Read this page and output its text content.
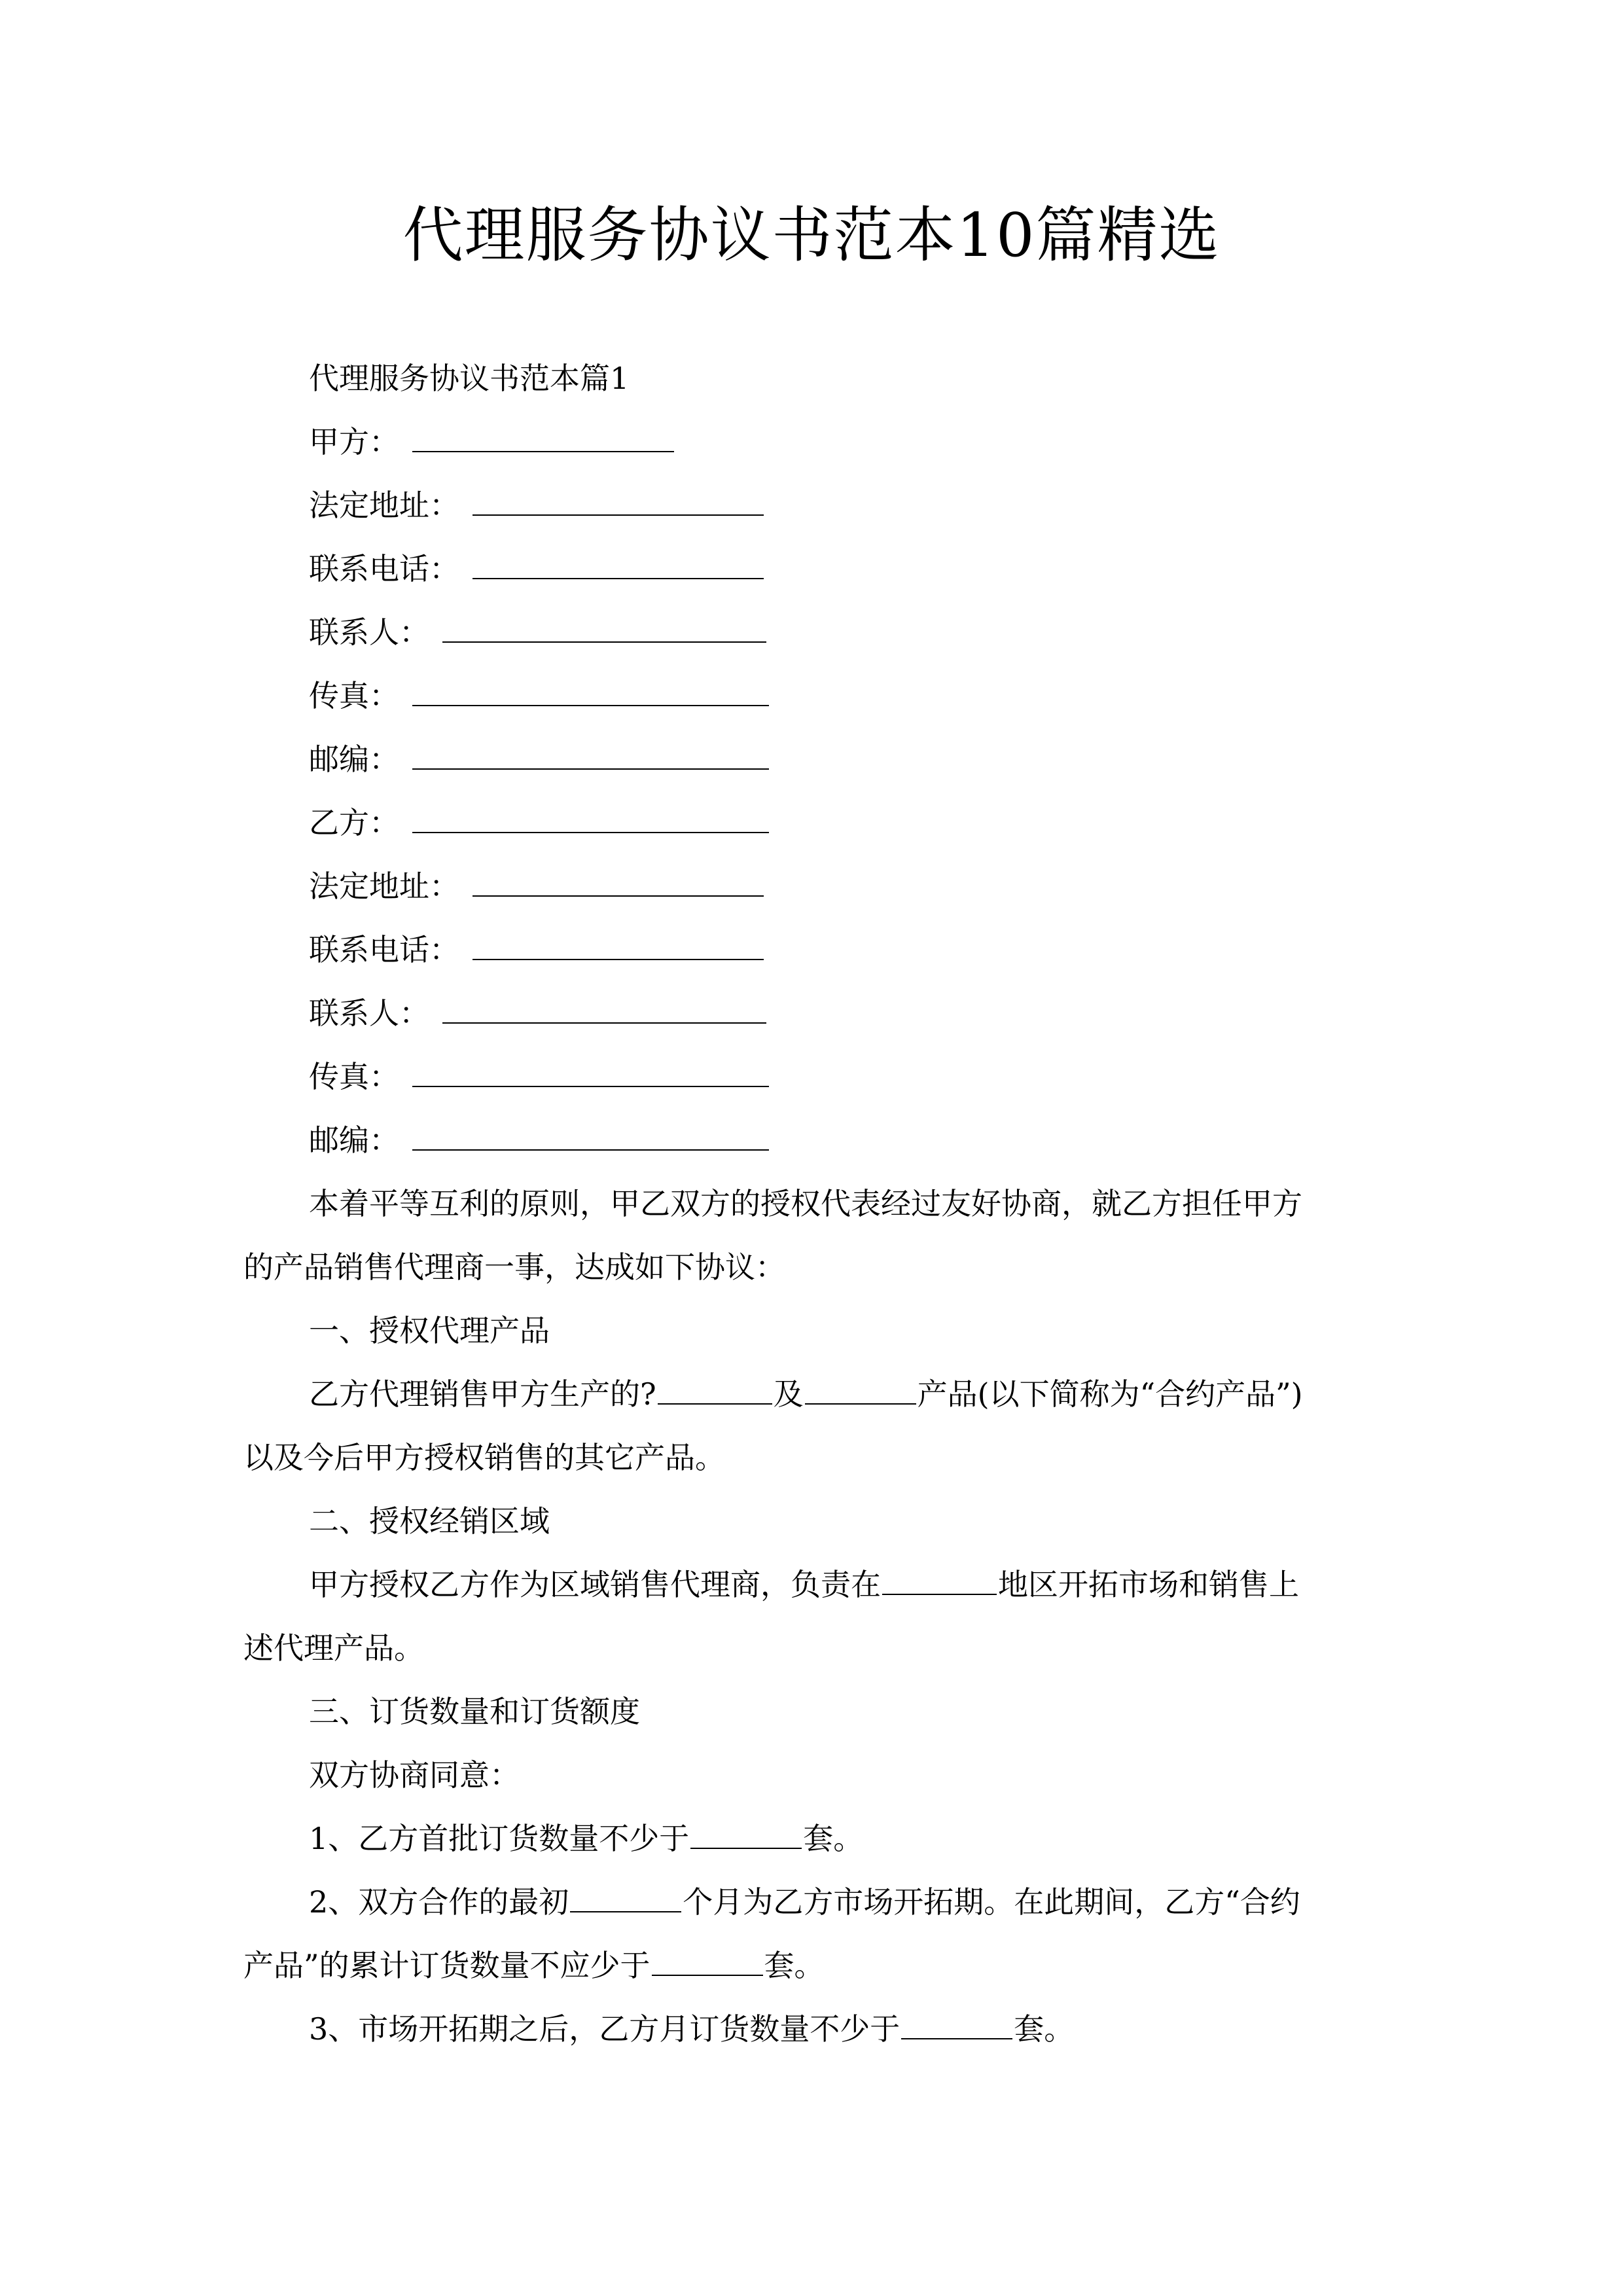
代理服务协议书范本10篇精选
代理服务协议书范本篇1
甲方：
法定地址：
联系电话：
联系人：
传真：
邮编：
乙方：
法定地址：
联系电话：
联系人：
传真：
邮编：
本着平等互利的原则，甲乙双方的授权代表经过友好协商，就乙方担任甲方
的产品销售代理商一事，达成如下协议：
一、授权代理产品
乙方代理销售甲方生产的?	及	产品(以下简称为“合约产品”)
以及今后甲方授权销售的其它产品。
二、授权经销区域
甲方授权乙方作为区域销售代理商，负责在	地区开拓市场和销售上
述代理产品。
三、订货数量和订货额度
双方协商同意：
1、乙方首批订货数量不少于	套。
2、双方合作的最初	个月为乙方市场开拓期。在此期间，乙方“合约
产品”的累计订货数量不应少于	套。
3、市场开拓期之后，乙方月订货数量不少于	套。
